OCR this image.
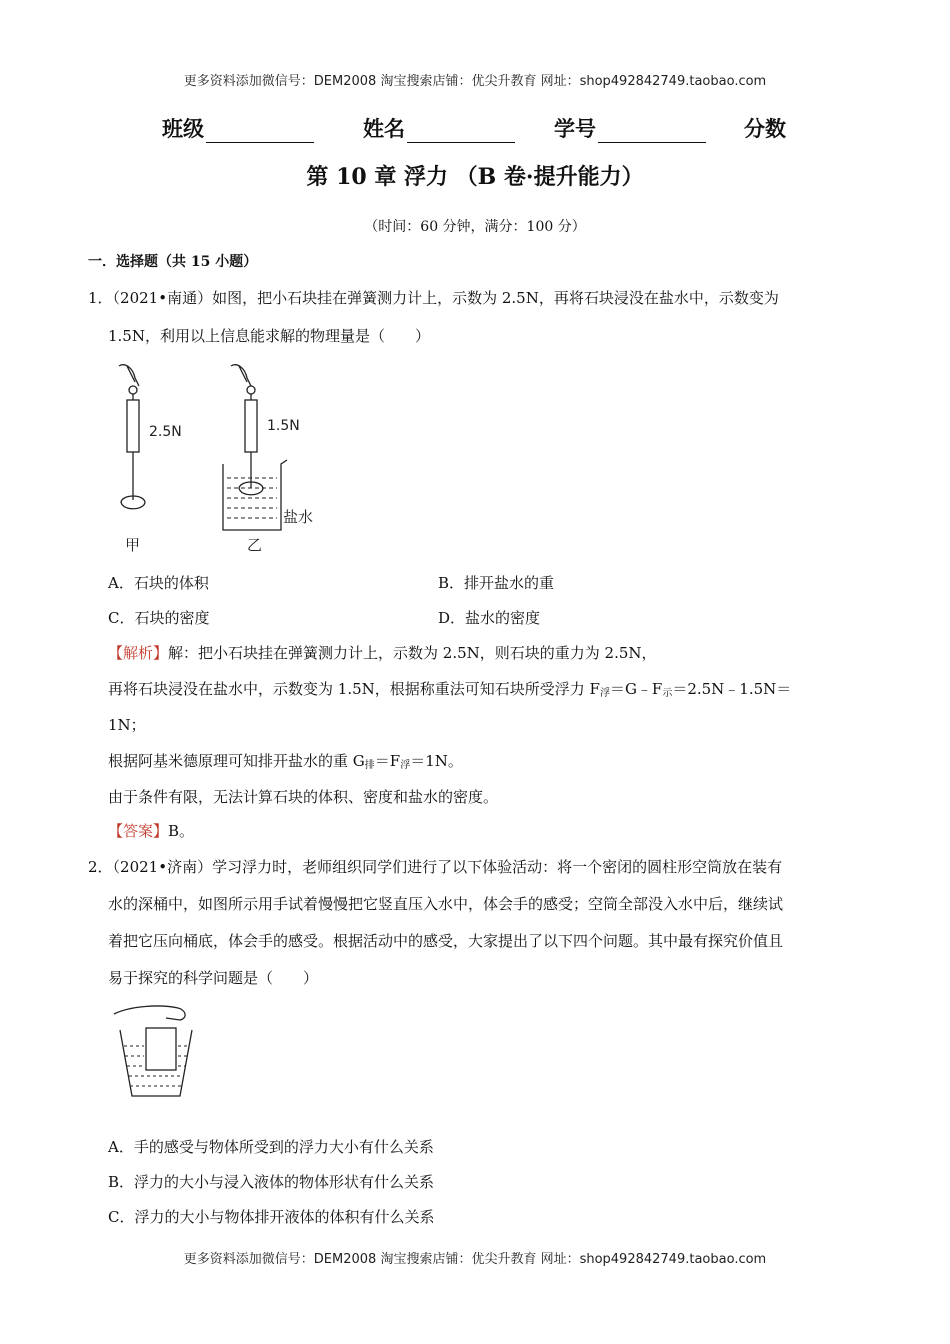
更多资料添加微信号：DEM2008 淘宝搜索店铺：优尖升教育 网址：shop492842749.taobao.com
班级	姓名	学号	分数
第 10 章 浮力 （B 卷·提升能力）
（时间：60 分钟，满分：100 分）
一．选择题（共 15 小题）
1．（2021•南通）如图，把小石块挂在弹簧测力计上，示数为 2.5N，再将石块浸没在盐水中，示数变为
1.5N，利用以上信息能求解的物理量是（　　）
2.5N
甲
1.5N
盐水
乙
A．石块的体积	B．排开盐水的重
C．石块的密度	D．盐水的密度
【解析】解：把小石块挂在弹簧测力计上，示数为 2.5N，则石块的重力为 2.5N，
再将石块浸没在盐水中，示数变为 1.5N，根据称重法可知石块所受浮力 $F_浮=G﹣F_示=2.5N﹣1.5N=$
1N；
根据阿基米德原理可知排开盐水的重 $G_排=F_浮=1N$。
由于条件有限，无法计算石块的体积、密度和盐水的密度。
【答案】B。
2．（2021•济南）学习浮力时，老师组织同学们进行了以下体验活动：将一个密闭的圆柱形空筒放在装有
水的深桶中，如图所示用手试着慢慢把它竖直压入水中，体会手的感受；空筒全部没入水中后，继续试
着把它压向桶底，体会手的感受。根据活动中的感受，大家提出了以下四个问题。其中最有探究价值且
易于探究的科学问题是（　　）
A．手的感受与物体所受到的浮力大小有什么关系
B．浮力的大小与浸入液体的物体形状有什么关系
C．浮力的大小与物体排开液体的体积有什么关系
更多资料添加微信号：DEM2008 淘宝搜索店铺：优尖升教育 网址：shop492842749.taobao.com
